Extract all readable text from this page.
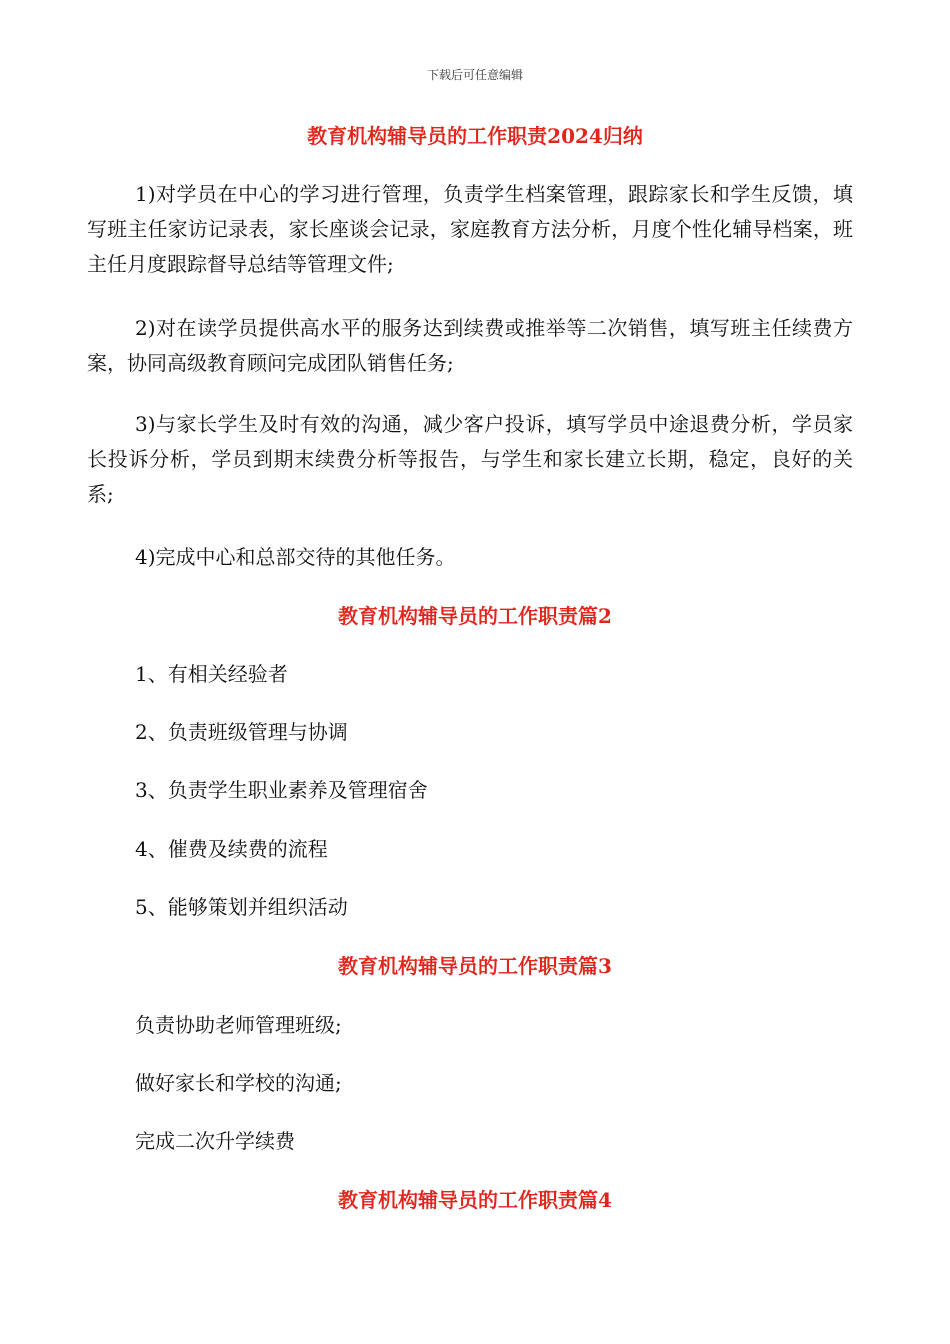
下载后可任意编辑
教育机构辅导员的工作职责2024归纳

1)对学员在中心的学习进行管理，负责学生档案管理，跟踪家长和学生反馈，填写班主任家访记录表，家长座谈会记录，家庭教育方法分析，月度个性化辅导档案，班主任月度跟踪督导总结等管理文件;

2)对在读学员提供高水平的服务达到续费或推举等二次销售，填写班主任续费方案，协同高级教育顾问完成团队销售任务;

3)与家长学生及时有效的沟通，减少客户投诉，填写学员中途退费分析，学员家长投诉分析，学员到期末续费分析等报告，与学生和家长建立长期，稳定，良好的关系;

4)完成中心和总部交待的其他任务。

教育机构辅导员的工作职责篇2

1、有相关经验者

2、负责班级管理与协调

3、负责学生职业素养及管理宿舍

4、催费及续费的流程

5、能够策划并组织活动

教育机构辅导员的工作职责篇3

负责协助老师管理班级;

做好家长和学校的沟通;

完成二次升学续费

教育机构辅导员的工作职责篇4
